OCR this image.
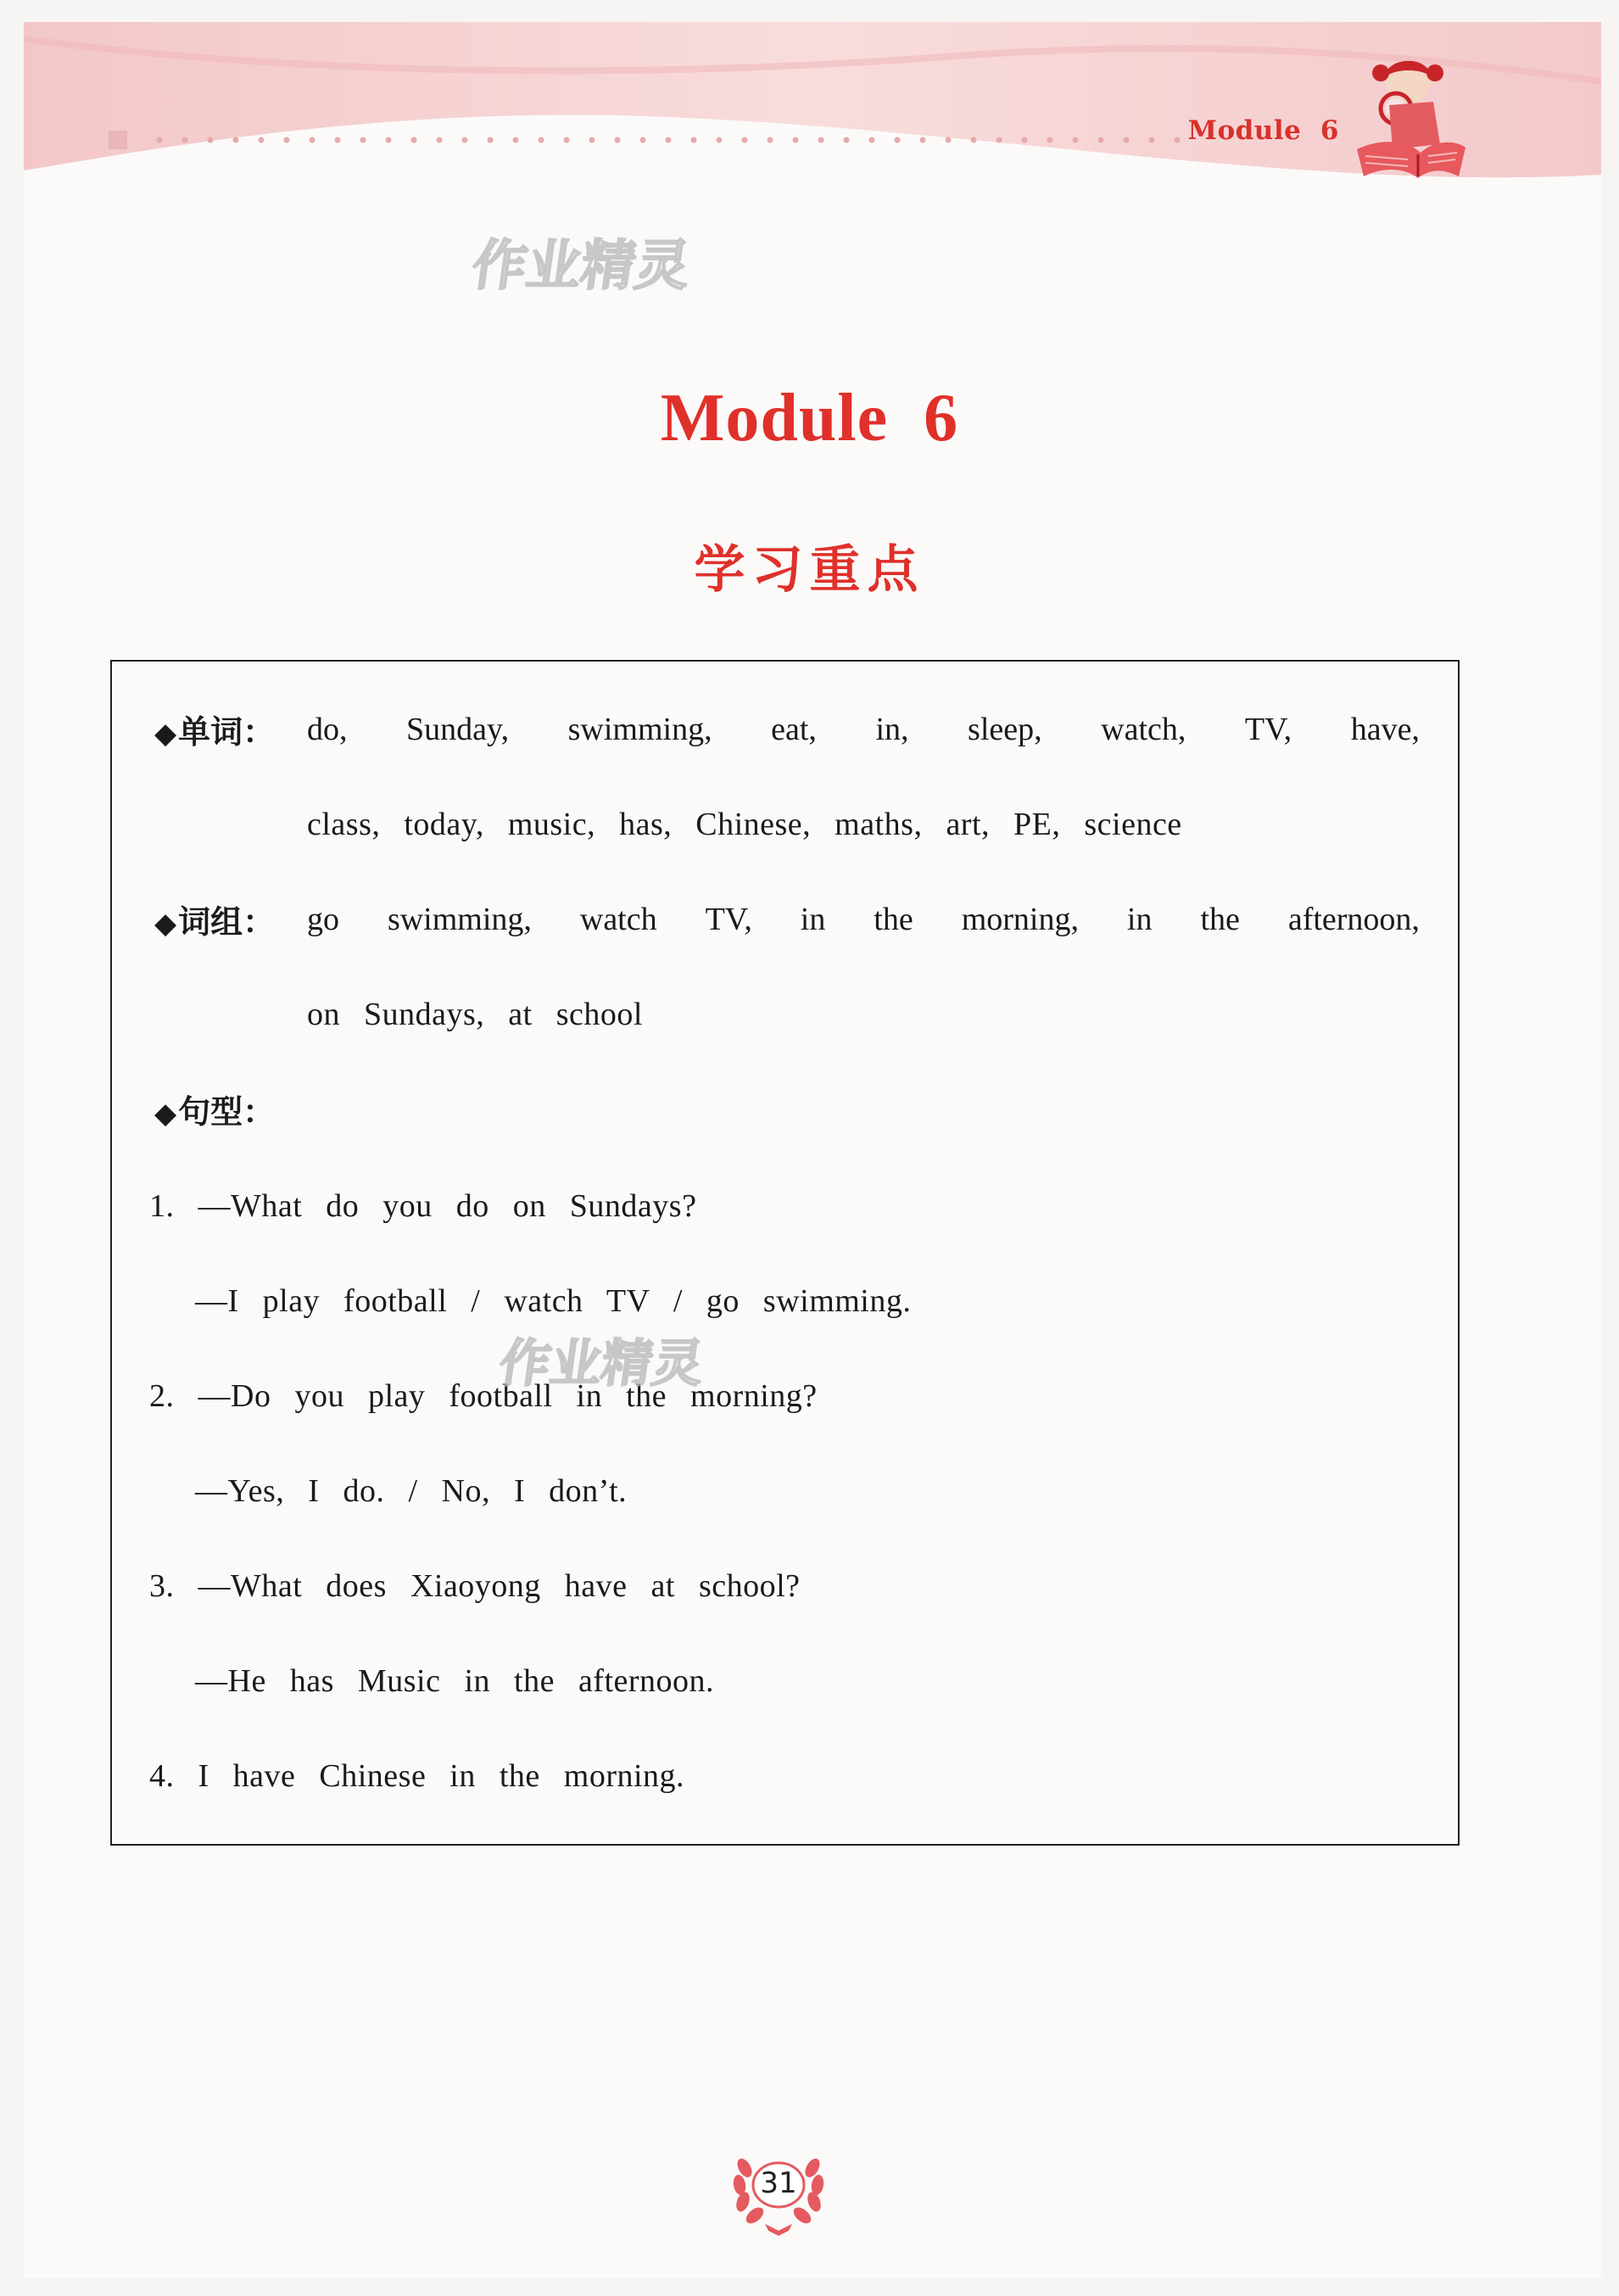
Module  6
作业精灵
Module  6
学习重点
◆单词： do, Sunday, swimming, eat, in, sleep, watch, TV, have,
class, today, music, has, Chinese, maths, art, PE, science
◆词组： go swimming, watch TV, in the morning, in the afternoon,
on Sundays, at school
◆句型：
1. —What do you do on Sundays?
—I play football / watch TV / go swimming.
2. —Do you play football in the morning?
—Yes, I do. / No, I don’t.
3. —What does Xiaoyong have at school?
—He has Music in the afternoon.
4. I have Chinese in the morning.
作业精灵
31
